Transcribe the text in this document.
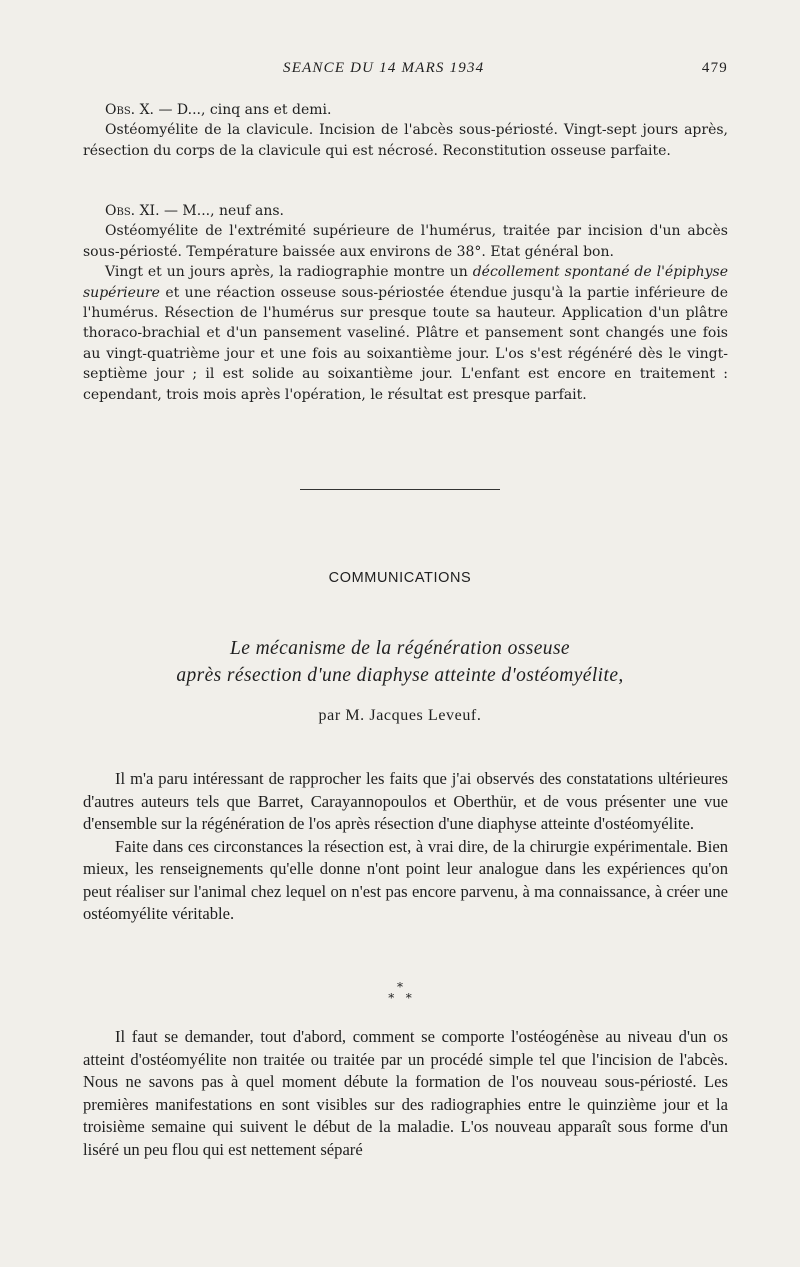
SEANCE DU 14 MARS 1934	479

Obs. X. — D..., cinq ans et demi.

Ostéomyélite de la clavicule. Incision de l'abcès sous-périosté. Vingt-sept jours après, résection du corps de la clavicule qui est nécrosé. Reconstitution osseuse parfaite.

Obs. XI. — M..., neuf ans.

Ostéomyélite de l'extrémité supérieure de l'humérus, traitée par incision d'un abcès sous-périosté. Température baissée aux environs de 38°. Etat général bon.

Vingt et un jours après, la radiographie montre un décollement spontané de l'épiphyse supérieure et une réaction osseuse sous-périostée étendue jusqu'à la partie inférieure de l'humérus. Résection de l'humérus sur presque toute sa hauteur. Application d'un plâtre thoraco-brachial et d'un pansement vaseliné. Plâtre et pansement sont changés une fois au vingt-quatrième jour et une fois au soixantième jour. L'os s'est régénéré dès le vingt-septième jour ; il est solide au soixantième jour. L'enfant est encore en traitement : cependant, trois mois après l'opération, le résultat est presque parfait.

COMMUNICATIONS
Le mécanisme de la régénération osseuse
après résection d'une diaphyse atteinte d'ostéomyélite,
par M. Jacques Leveuf.

Il m'a paru intéressant de rapprocher les faits que j'ai observés des constatations ultérieures d'autres auteurs tels que Barret, Carayannopoulos et Oberthür, et de vous présenter une vue d'ensemble sur la régénération de l'os après résection d'une diaphyse atteinte d'ostéomyélite.

Faite dans ces circonstances la résection est, à vrai dire, de la chirurgie expérimentale. Bien mieux, les renseignements qu'elle donne n'ont point leur analogue dans les expériences qu'on peut réaliser sur l'animal chez lequel on n'est pas encore parvenu, à ma connaissance, à créer une ostéomyélite véritable.

*
*   *

Il faut se demander, tout d'abord, comment se comporte l'ostéogénèse au niveau d'un os atteint d'ostéomyélite non traitée ou traitée par un procédé simple tel que l'incision de l'abcès. Nous ne savons pas à quel moment débute la formation de l'os nouveau sous-périosté. Les premières manifestations en sont visibles sur des radiographies entre le quinzième jour et la troisième semaine qui suivent le début de la maladie. L'os nouveau apparaît sous forme d'un liséré un peu flou qui est nettement séparé
